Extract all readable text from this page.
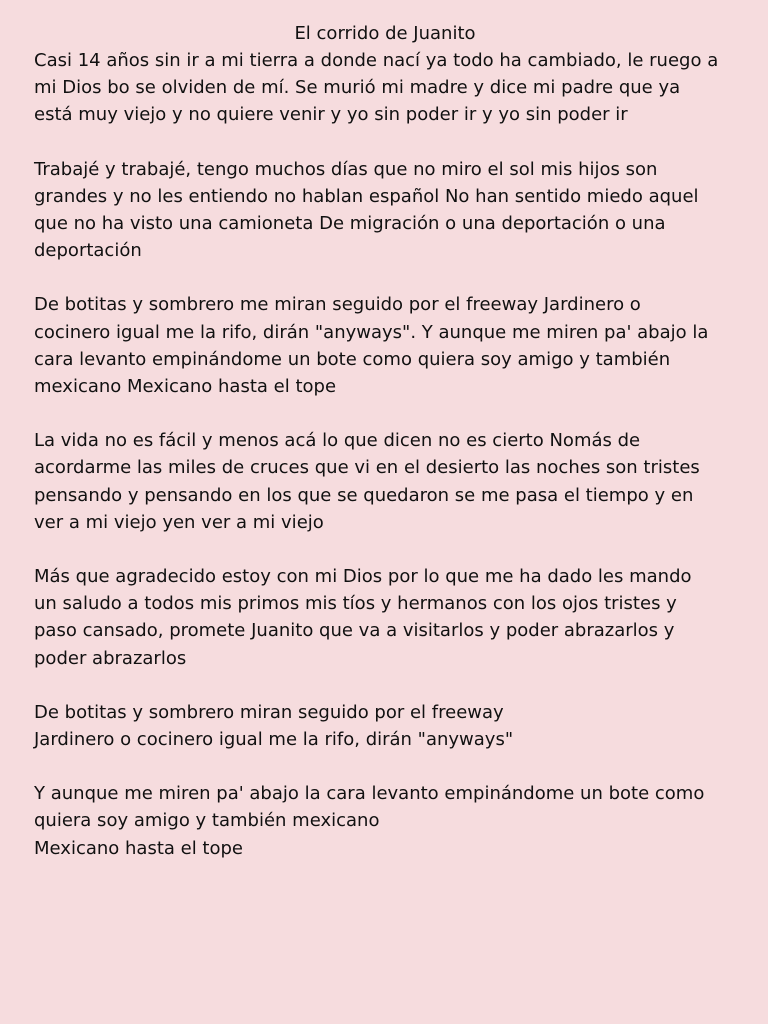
El corrido de Juanito

Casi 14 años sin ir a mi tierra a donde nací ya todo ha cambiado, le ruego a
mi Dios bo se olviden de mí. Se murió mi madre y dice mi padre que ya
está muy viejo y no quiere venir y yo sin poder ir y yo sin poder ir

Trabajé y trabajé, tengo muchos días que no miro el sol mis hijos son
grandes y no les entiendo no hablan español No han sentido miedo aquel
que no ha visto una camioneta De migración o una deportación o una
deportación

De botitas y sombrero me miran seguido por el freeway Jardinero o
cocinero igual me la rifo, dirán "anyways". Y aunque me miren pa' abajo la
cara levanto empinándome un bote como quiera soy amigo y también
mexicano Mexicano hasta el tope

La vida no es fácil y menos acá lo que dicen no es cierto Nomás de
acordarme las miles de cruces que vi en el desierto las noches son tristes
pensando y pensando en los que se quedaron se me pasa el tiempo y en
ver a mi viejo yen ver a mi viejo

Más que agradecido estoy con mi Dios por lo que me ha dado les mando
un saludo a todos mis primos mis tíos y hermanos con los ojos tristes y
paso cansado, promete Juanito que va a visitarlos y poder abrazarlos y
poder abrazarlos

De botitas y sombrero miran seguido por el freeway
Jardinero o cocinero igual me la rifo, dirán "anyways"

Y aunque me miren pa' abajo la cara levanto empinándome un bote como
quiera soy amigo y también mexicano
Mexicano hasta el tope
